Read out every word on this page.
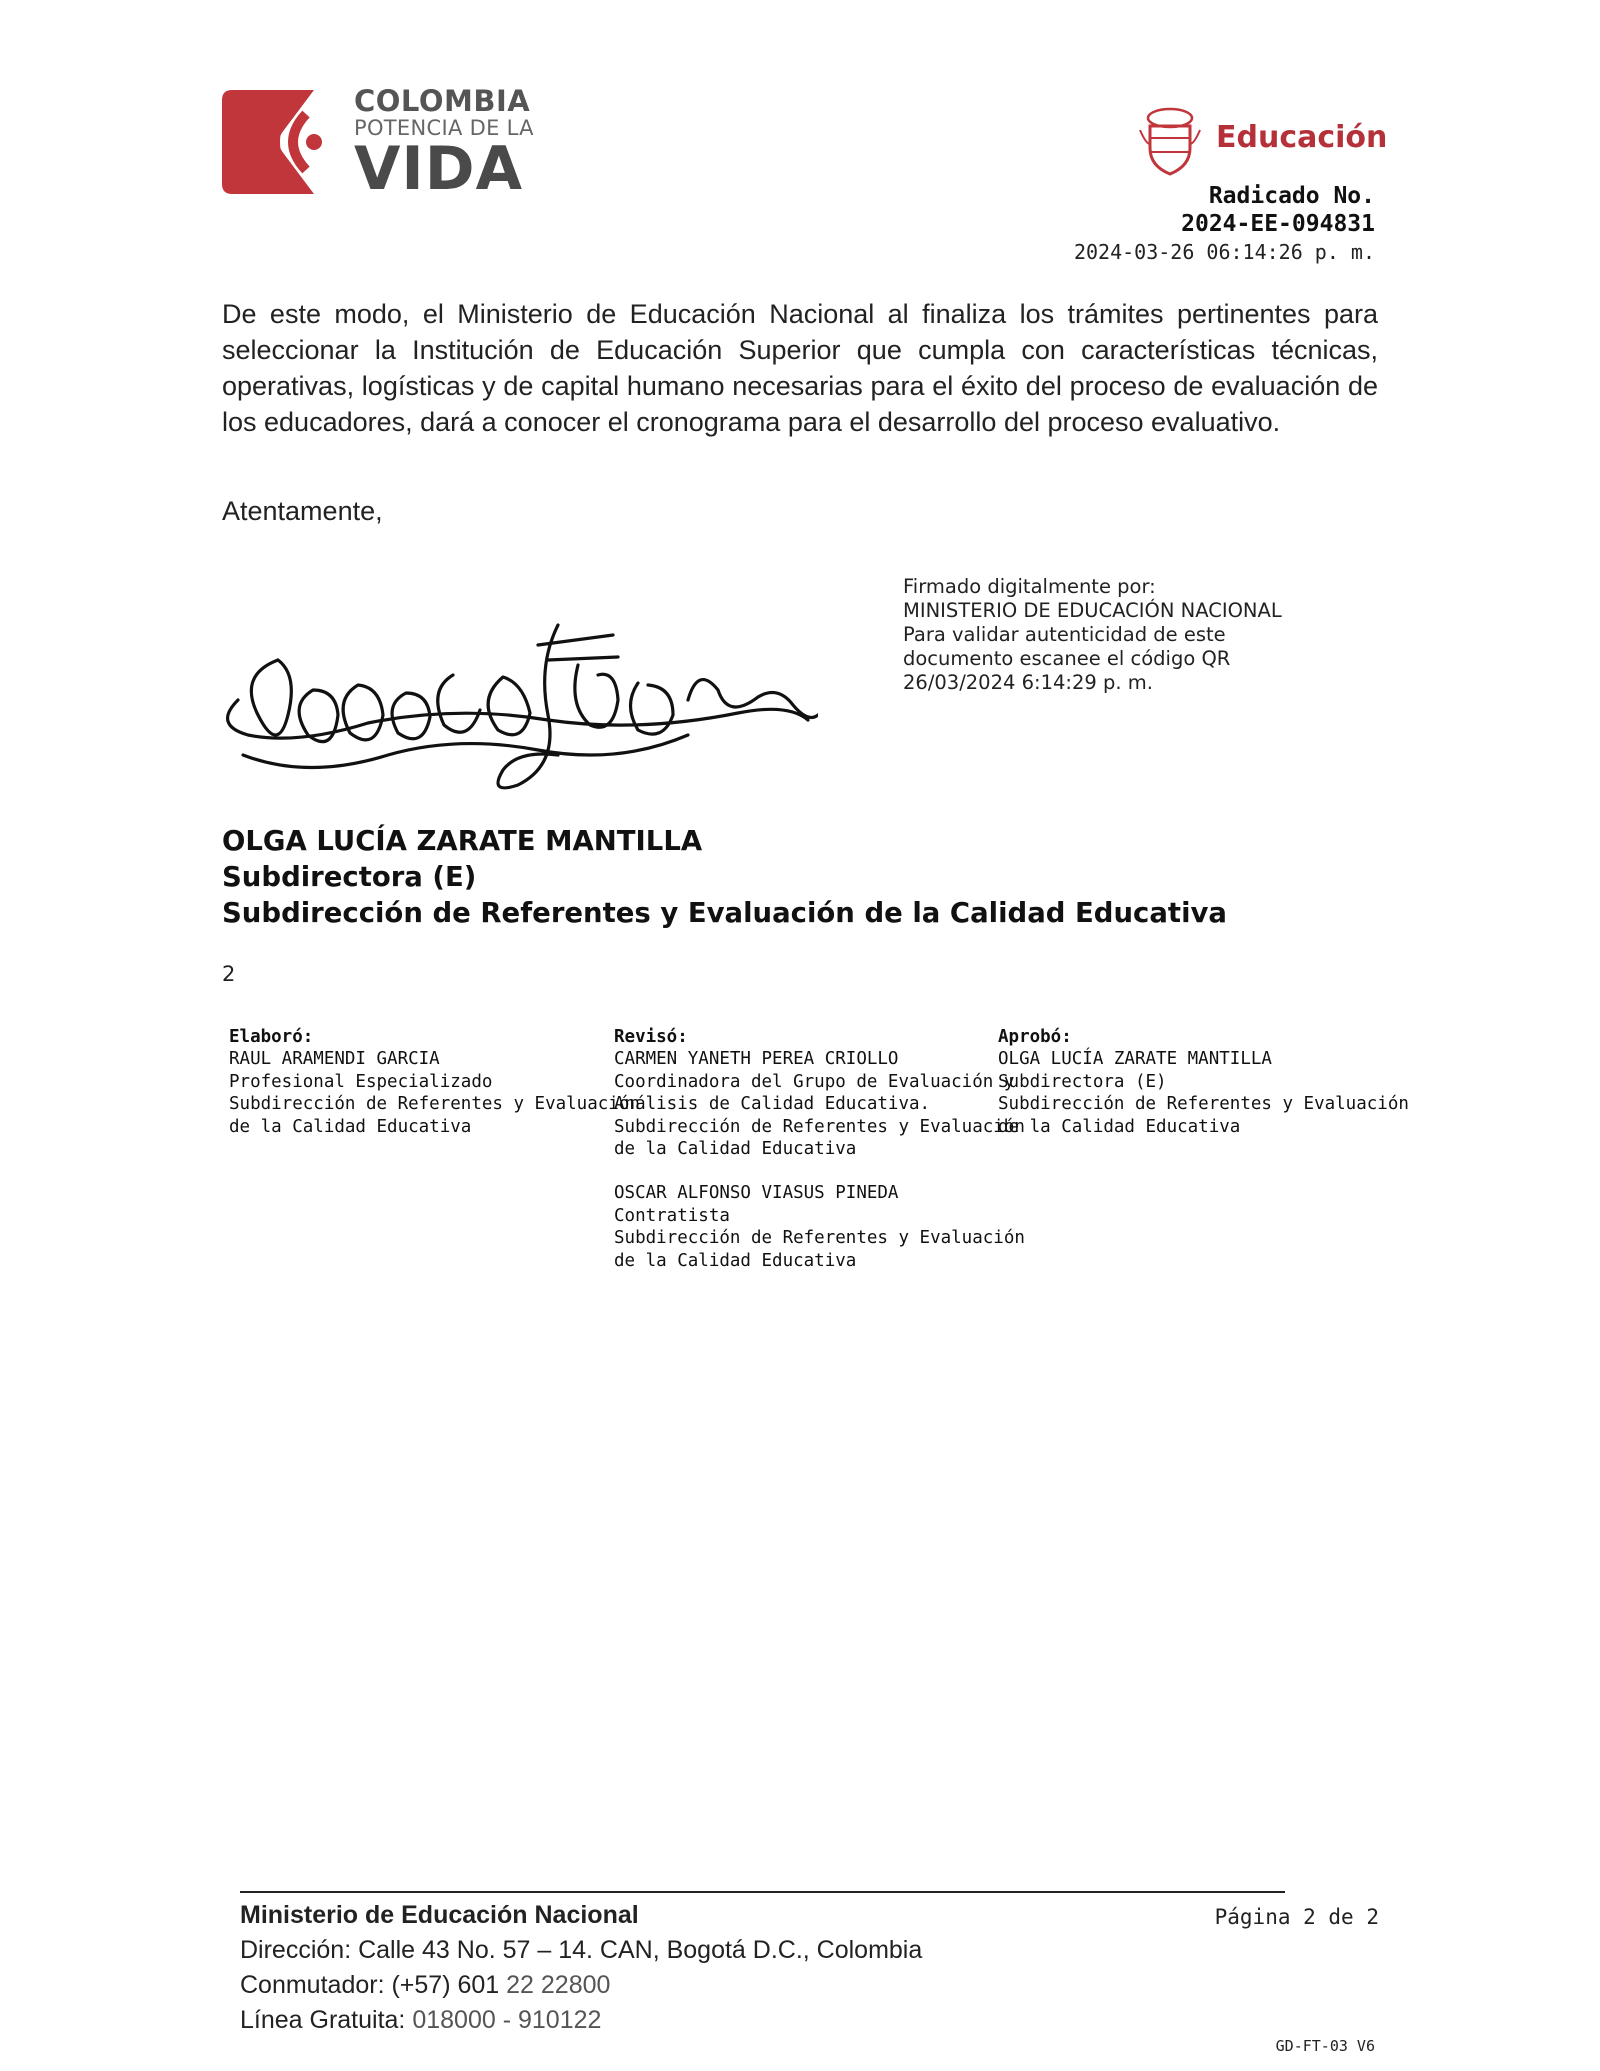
COLOMBIA
POTENCIA DE LA
VIDA	Educación
Radicado No.
2024-EE-094831
2024-03-26 06:14:26 p. m.

De este modo, el Ministerio de Educación Nacional al finaliza los trámites pertinentes para seleccionar la Institución de Educación Superior que cumpla con características técnicas, operativas, logísticas y de capital humano necesarias para el éxito del proceso de evaluación de los educadores, dará a conocer el cronograma para el desarrollo del proceso evaluativo.

Atentamente,
Firmado digitalmente por:
MINISTERIO DE EDUCACIÓN NACIONAL
Para validar autenticidad de este
documento escanee el código QR
26/03/2024 6:14:29 p. m.
OLGA LUCÍA ZARATE MANTILLA
Subdirectora (E)
Subdirección de Referentes y Evaluación de la Calidad Educativa
2
Elaboró:
RAUL ARAMENDI GARCIA
Profesional Especializado
Subdirección de Referentes y Evaluación
de la Calidad Educativa
Revisó:
CARMEN YANETH PEREA CRIOLLO
Coordinadora del Grupo de Evaluación y
Análisis de Calidad Educativa.
Subdirección de Referentes y Evaluación
de la Calidad Educativa
OSCAR ALFONSO VIASUS PINEDA
Contratista
Subdirección de Referentes y Evaluación
de la Calidad Educativa
Aprobó:
OLGA LUCÍA ZARATE MANTILLA
Subdirectora (E)
Subdirección de Referentes y Evaluación
de la Calidad Educativa
Ministerio de Educación Nacional
Dirección: Calle 43 No. 57 – 14. CAN, Bogotá D.C., Colombia
Conmutador: (+57) 601 22 22800
Línea Gratuita: 018000 - 910122
Página 2 de 2
GD-FT-03 V6
